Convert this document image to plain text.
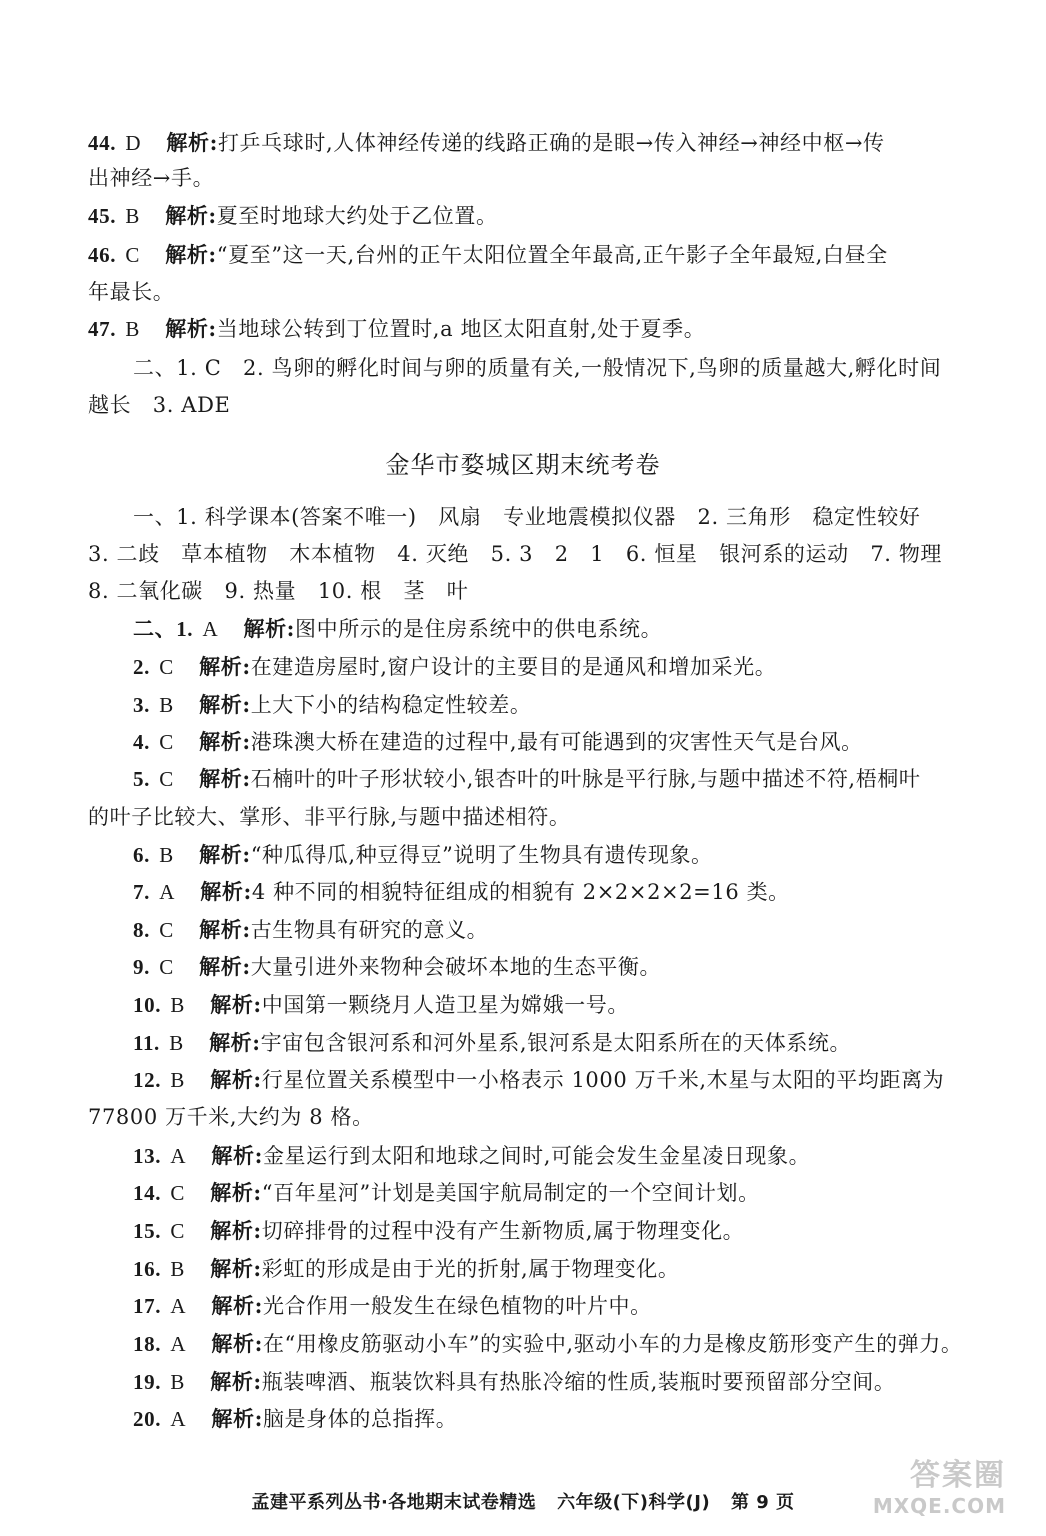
44. D 解析:打乒乓球时,人体神经传递的线路正确的是眼→传入神经→神经中枢→传
出神经→手。
45. B 解析:夏至时地球大约处于乙位置。
46. C 解析:“夏至”这一天,台州的正午太阳位置全年最高,正午影子全年最短,白昼全
年最长。
47. B 解析:当地球公转到丁位置时,a 地区太阳直射,处于夏季。
二、1. C　2. 鸟卵的孵化时间与卵的质量有关,一般情况下,鸟卵的质量越大,孵化时间
越长　3. ADE
金华市婺城区期末统考卷
一、1. 科学课本(答案不唯一)　风扇　专业地震模拟仪器　2. 三角形　稳定性较好
3. 二歧　草本植物　木本植物　4. 灭绝　5. 3　2　1　6. 恒星　银河系的运动　7. 物理
8. 二氧化碳　9. 热量　10. 根　茎　叶
二、1. A 解析:图中所示的是住房系统中的供电系统。
2. C 解析:在建造房屋时,窗户设计的主要目的是通风和增加采光。
3. B 解析:上大下小的结构稳定性较差。
4. C 解析:港珠澳大桥在建造的过程中,最有可能遇到的灾害性天气是台风。
5. C 解析:石楠叶的叶子形状较小,银杏叶的叶脉是平行脉,与题中描述不符,梧桐叶
的叶子比较大、掌形、非平行脉,与题中描述相符。
6. B 解析:“种瓜得瓜,种豆得豆”说明了生物具有遗传现象。
7. A 解析:4 种不同的相貌特征组成的相貌有 2×2×2×2=16 类。
8. C 解析:古生物具有研究的意义。
9. C 解析:大量引进外来物种会破坏本地的生态平衡。
10. B 解析:中国第一颗绕月人造卫星为嫦娥一号。
11. B 解析:宇宙包含银河系和河外星系,银河系是太阳系所在的天体系统。
12. B 解析:行星位置关系模型中一小格表示 1000 万千米,木星与太阳的平均距离为
77800 万千米,大约为 8 格。
13. A 解析:金星运行到太阳和地球之间时,可能会发生金星凌日现象。
14. C 解析:“百年星河”计划是美国宇航局制定的一个空间计划。
15. C 解析:切碎排骨的过程中没有产生新物质,属于物理变化。
16. B 解析:彩虹的形成是由于光的折射,属于物理变化。
17. A 解析:光合作用一般发生在绿色植物的叶片中。
18. A 解析:在“用橡皮筋驱动小车”的实验中,驱动小车的力是橡皮筋形变产生的弹力。
19. B 解析:瓶装啤酒、瓶装饮料具有热胀冷缩的性质,装瓶时要预留部分空间。
20. A 解析:脑是身体的总指挥。
孟建平系列丛书·各地期末试卷精选 六年级(下)科学(J) 第 9 页
答案圈
MXQE.COM
